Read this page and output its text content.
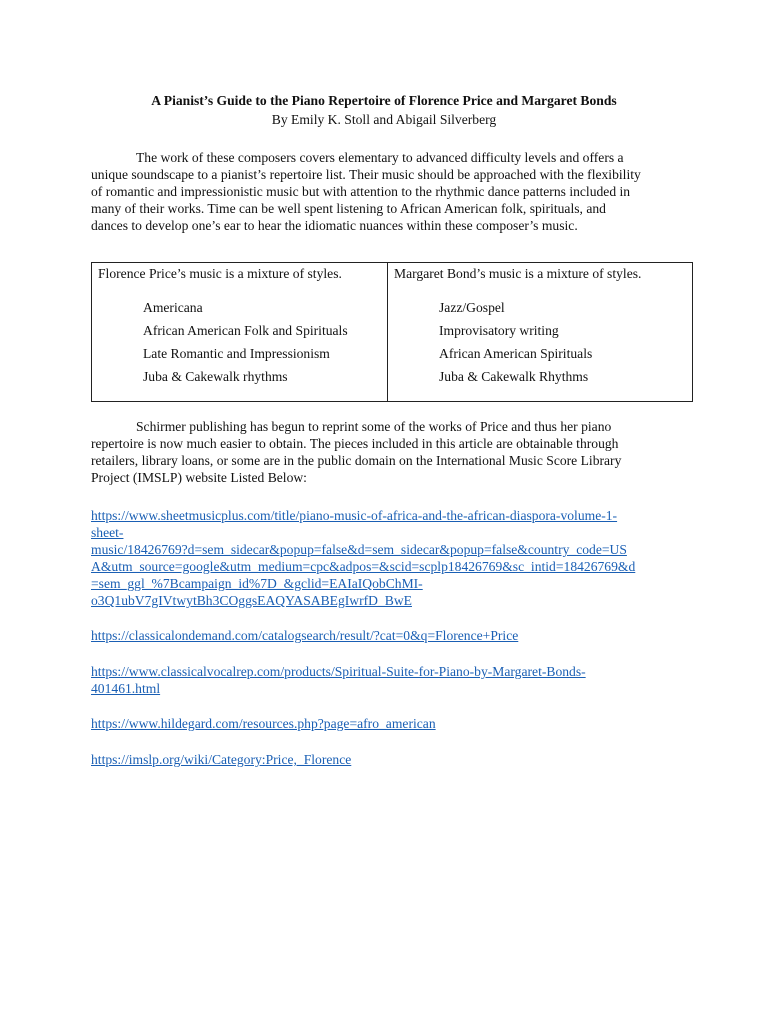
A Pianist’s Guide to the Piano Repertoire of Florence Price and Margaret Bonds
By Emily K. Stoll and Abigail Silverberg
The work of these composers covers elementary to advanced difficulty levels and offers a
unique soundscape to a pianist’s repertoire list. Their music should be approached with the flexibility
of romantic and impressionistic music but with attention to the rhythmic dance patterns included in
many of their works. Time can be well spent listening to African American folk, spirituals, and
dances to develop one’s ear to hear the idiomatic nuances within these composer’s music.
Florence Price’s music is a mixture of styles.
Americana
African American Folk and Spirituals
Late Romantic and Impressionism
Juba & Cakewalk rhythms

Margaret Bond’s music is a mixture of styles.
Jazz/Gospel
Improvisatory writing
African American Spirituals
Juba & Cakewalk Rhythms
Schirmer publishing has begun to reprint some of the works of Price and thus her piano
repertoire is now much easier to obtain. The pieces included in this article are obtainable through
retailers, library loans, or some are in the public domain on the International Music Score Library
Project (IMSLP) website Listed Below:
https://www.sheetmusicplus.com/title/piano-music-of-africa-and-the-african-diaspora-volume-1-
sheet-
music/18426769?d=sem_sidecar&popup=false&d=sem_sidecar&popup=false&country_code=US
A&utm_source=google&utm_medium=cpc&adpos=&scid=scplp18426769&sc_intid=18426769&d
=sem_ggl_%7Bcampaign_id%7D_&gclid=EAIaIQobChMI-
o3Q1ubV7gIVtwytBh3COggsEAQYASABEgIwrfD_BwE
https://classicalondemand.com/catalogsearch/result/?cat=0&q=Florence+Price
https://www.classicalvocalrep.com/products/Spiritual-Suite-for-Piano-by-Margaret-Bonds-
401461.html
https://www.hildegard.com/resources.php?page=afro_american
https://imslp.org/wiki/Category:Price,_Florence
